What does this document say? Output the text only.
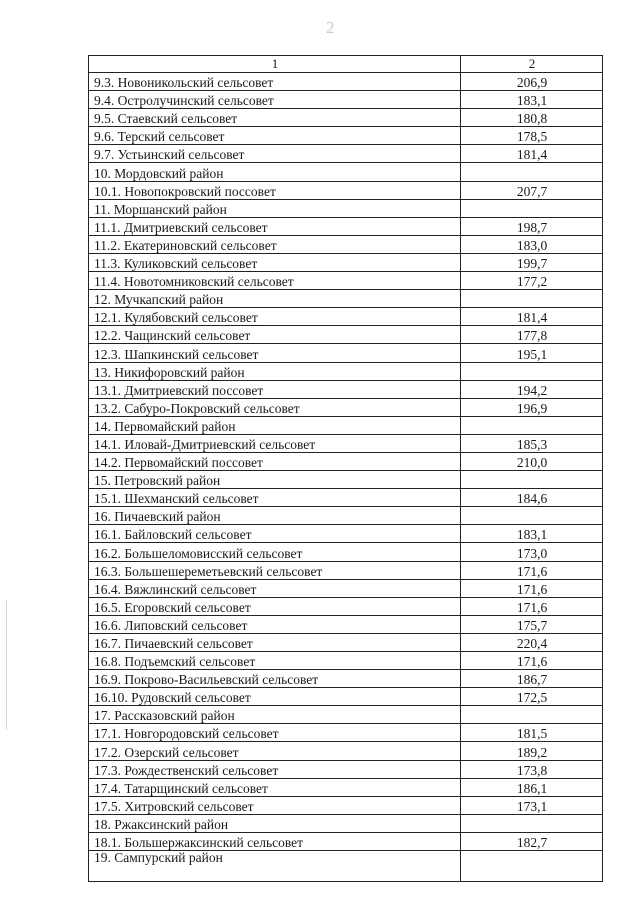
2
1	2
9.3. Новоникольский сельсовет	206,9
9.4. Остролучинский сельсовет	183,1
9.5. Стаевский сельсовет	180,8
9.6. Терский сельсовет	178,5
9.7. Устьинский сельсовет	181,4
10. Мордовский район	
10.1. Новопокровский поссовет	207,7
11. Моршанский район	
11.1. Дмитриевский сельсовет	198,7
11.2. Екатериновский сельсовет	183,0
11.3. Куликовский сельсовет	199,7
11.4. Новотомниковский сельсовет	177,2
12. Мучкапский район	
12.1. Кулябовский сельсовет	181,4
12.2. Чащинский сельсовет	177,8
12.3. Шапкинский сельсовет	195,1
13. Никифоровский район	
13.1. Дмитриевский поссовет	194,2
13.2. Сабуро-Покровский сельсовет	196,9
14. Первомайский район	
14.1. Иловай-Дмитриевский сельсовет	185,3
14.2. Первомайский поссовет	210,0
15. Петровский район	
15.1. Шехманский сельсовет	184,6
16. Пичаевский район	
16.1. Байловский сельсовет	183,1
16.2. Большеломовисский сельсовет	173,0
16.3. Большешереметьевский сельсовет	171,6
16.4. Вяжлинский сельсовет	171,6
16.5. Егоровский сельсовет	171,6
16.6. Липовский сельсовет	175,7
16.7. Пичаевский сельсовет	220,4
16.8. Подъемский сельсовет	171,6
16.9. Покрово-Васильевский сельсовет	186,7
16.10. Рудовский сельсовет	172,5
17. Рассказовский район	
17.1. Новгородовский сельсовет	181,5
17.2. Озерский сельсовет	189,2
17.3. Рождественский сельсовет	173,8
17.4. Татарщинский сельсовет	186,1
17.5. Хитровский сельсовет	173,1
18. Ржаксинский район	
18.1. Большержаксинский сельсовет	182,7
19. Сампурский район	
